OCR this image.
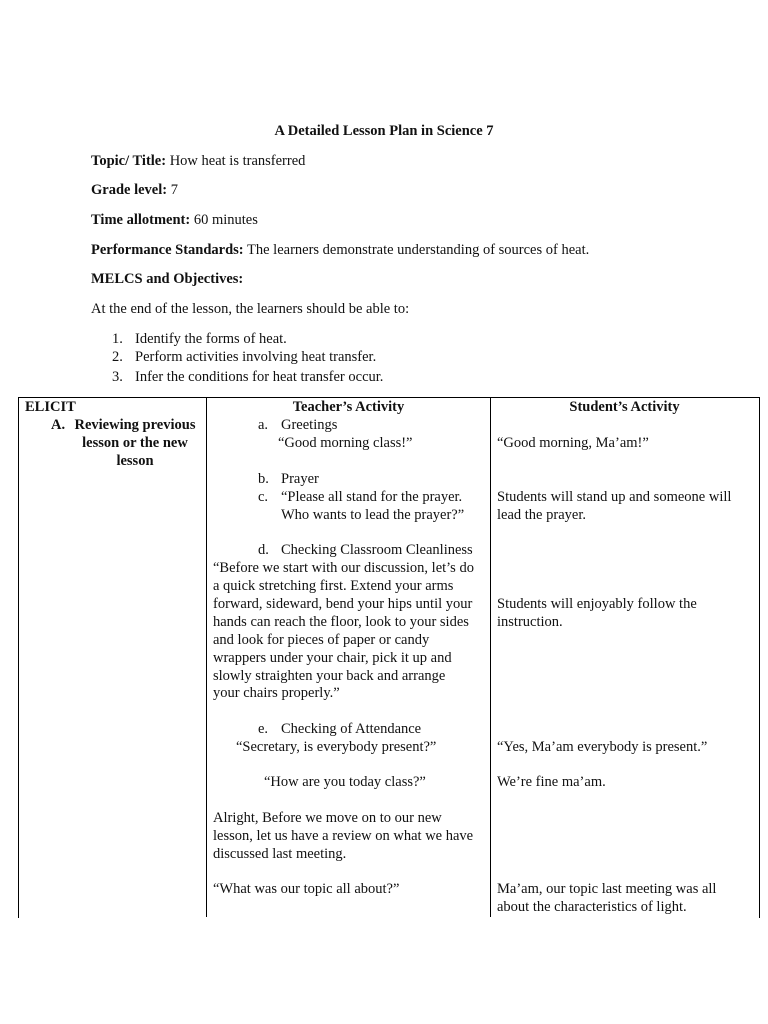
A Detailed Lesson Plan in Science 7
Topic/ Title: How heat is transferred
Grade level: 7
Time allotment: 60 minutes
Performance Standards: The learners demonstrate understanding of sources of heat.
MELCS and Objectives:
At the end of the lesson, the learners should be able to:
1. Identify the forms of heat.
2. Perform activities involving heat transfer.
3. Infer the conditions for heat transfer occur.
ELICIT
A. Reviewing previous
lesson or the new
lesson
Teacher’s Activity	Student’s Activity
a. Greetings
“Good morning class!”
b. Prayer
c. “Please all stand for the prayer.
Who wants to lead the prayer?”
d. Checking Classroom Cleanliness
“Before we start with our discussion, let’s do
a quick stretching first. Extend your arms
forward, sideward, bend your hips until your
hands can reach the floor, look to your sides
and look for pieces of paper or candy
wrappers under your chair, pick it up and
slowly straighten your back and arrange
your chairs properly.”
e. Checking of Attendance
“Secretary, is everybody present?”
“How are you today class?”
Alright, Before we move on to our new
lesson, let us have a review on what we have
discussed last meeting.
“What was our topic all about?”
“Good morning, Ma’am!”
Students will stand up and someone will
lead the prayer.
Students will enjoyably follow the
instruction.
“Yes, Ma’am everybody is present.”
We’re fine ma’am.
Ma’am, our topic last meeting was all
about the characteristics of light.
